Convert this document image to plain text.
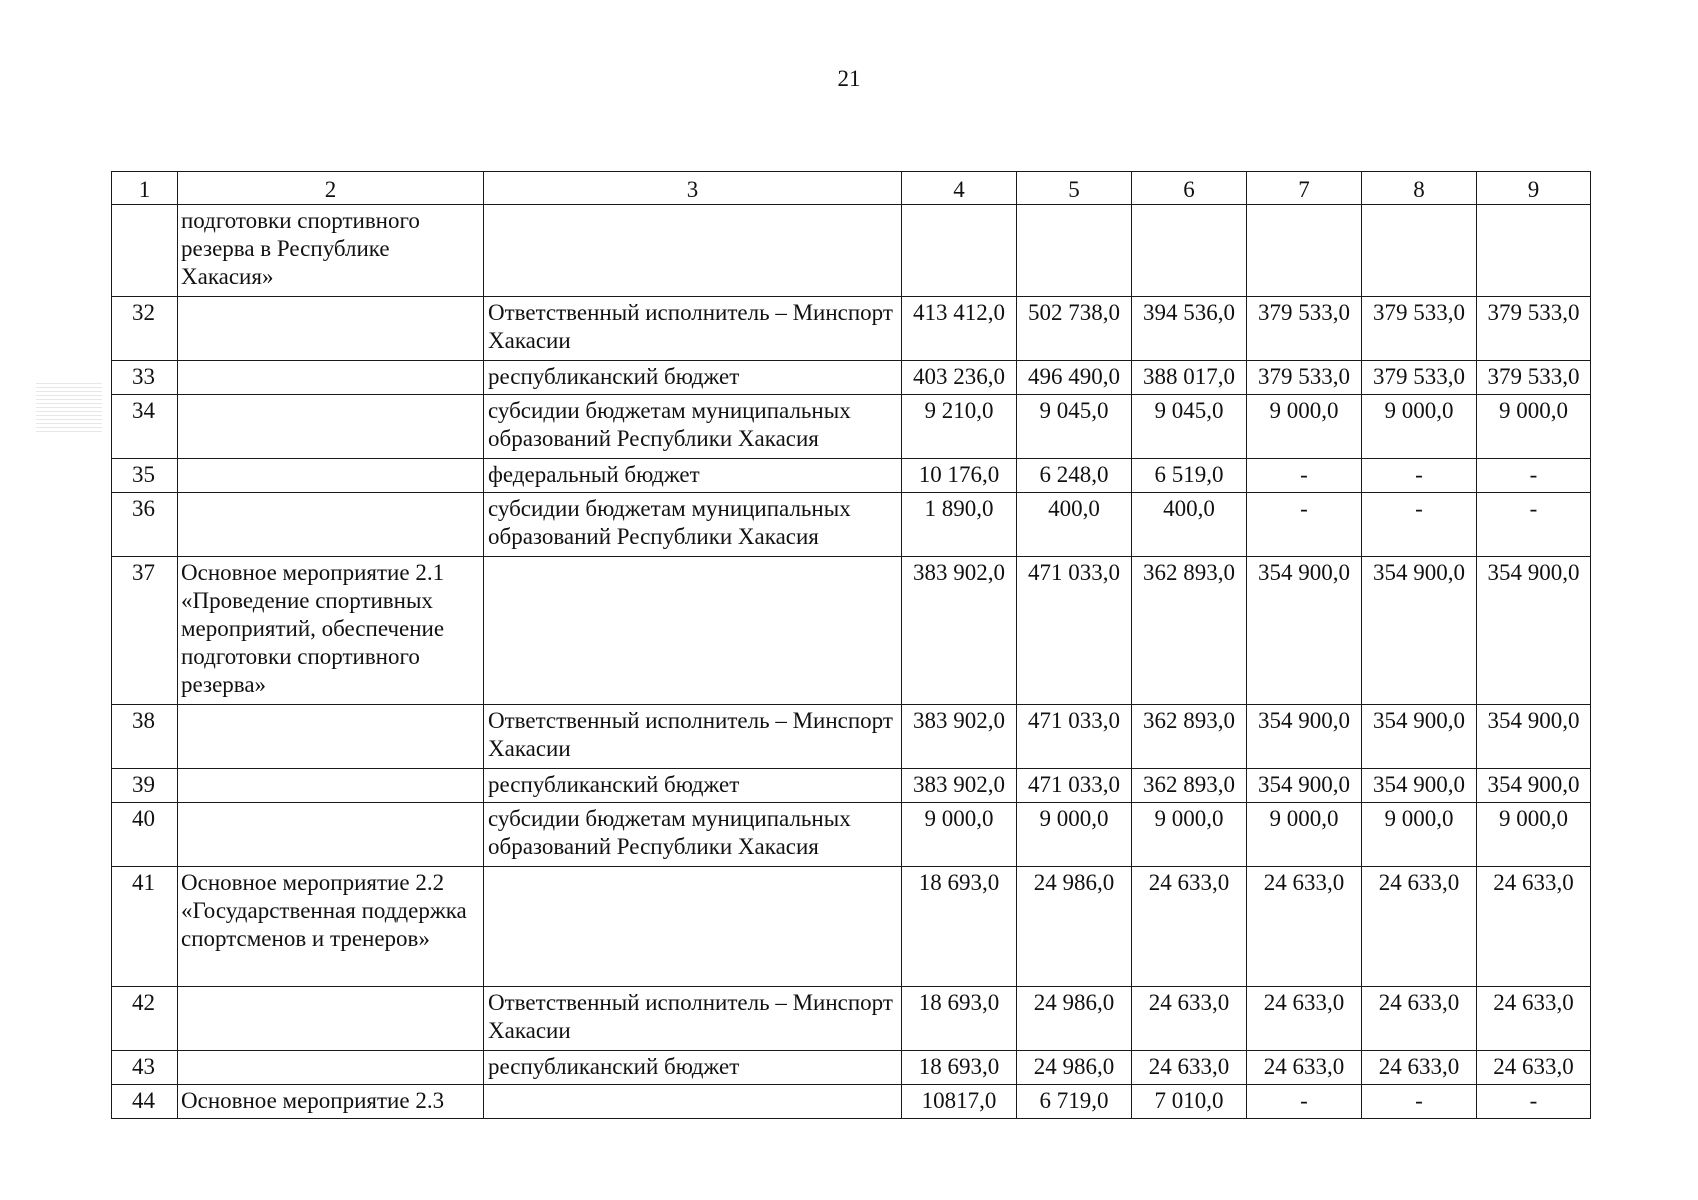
21
1	2	3	4	5	6	7	8	9
	подготовки спортивного резерва в Республике Хакасия»							
32		Ответственный исполнитель – Минспорт Хакасии	413 412,0	502 738,0	394 536,0	379 533,0	379 533,0	379 533,0
33		республиканский бюджет	403 236,0	496 490,0	388 017,0	379 533,0	379 533,0	379 533,0
34		субсидии бюджетам муниципальных образований Республики Хакасия	9 210,0	9 045,0	9 045,0	9 000,0	9 000,0	9 000,0
35		федеральный бюджет	10 176,0	6 248,0	6 519,0	-	-	-
36		субсидии бюджетам муниципальных образований Республики Хакасия	1 890,0	400,0	400,0	-	-	-
37	Основное мероприятие 2.1 «Проведение спортивных мероприятий, обеспечение подготовки спортивного резерва»		383 902,0	471 033,0	362 893,0	354 900,0	354 900,0	354 900,0
38		Ответственный исполнитель – Минспорт Хакасии	383 902,0	471 033,0	362 893,0	354 900,0	354 900,0	354 900,0
39		республиканский бюджет	383 902,0	471 033,0	362 893,0	354 900,0	354 900,0	354 900,0
40		субсидии бюджетам муниципальных образований Республики Хакасия	9 000,0	9 000,0	9 000,0	9 000,0	9 000,0	9 000,0
41	Основное мероприятие 2.2 «Государственная поддержка спортсменов и тренеров»		18 693,0	24 986,0	24 633,0	24 633,0	24 633,0	24 633,0
42		Ответственный исполнитель – Минспорт Хакасии	18 693,0	24 986,0	24 633,0	24 633,0	24 633,0	24 633,0
43		республиканский бюджет	18 693,0	24 986,0	24 633,0	24 633,0	24 633,0	24 633,0
44	Основное мероприятие 2.3		10817,0	6 719,0	7 010,0	-	-	-
